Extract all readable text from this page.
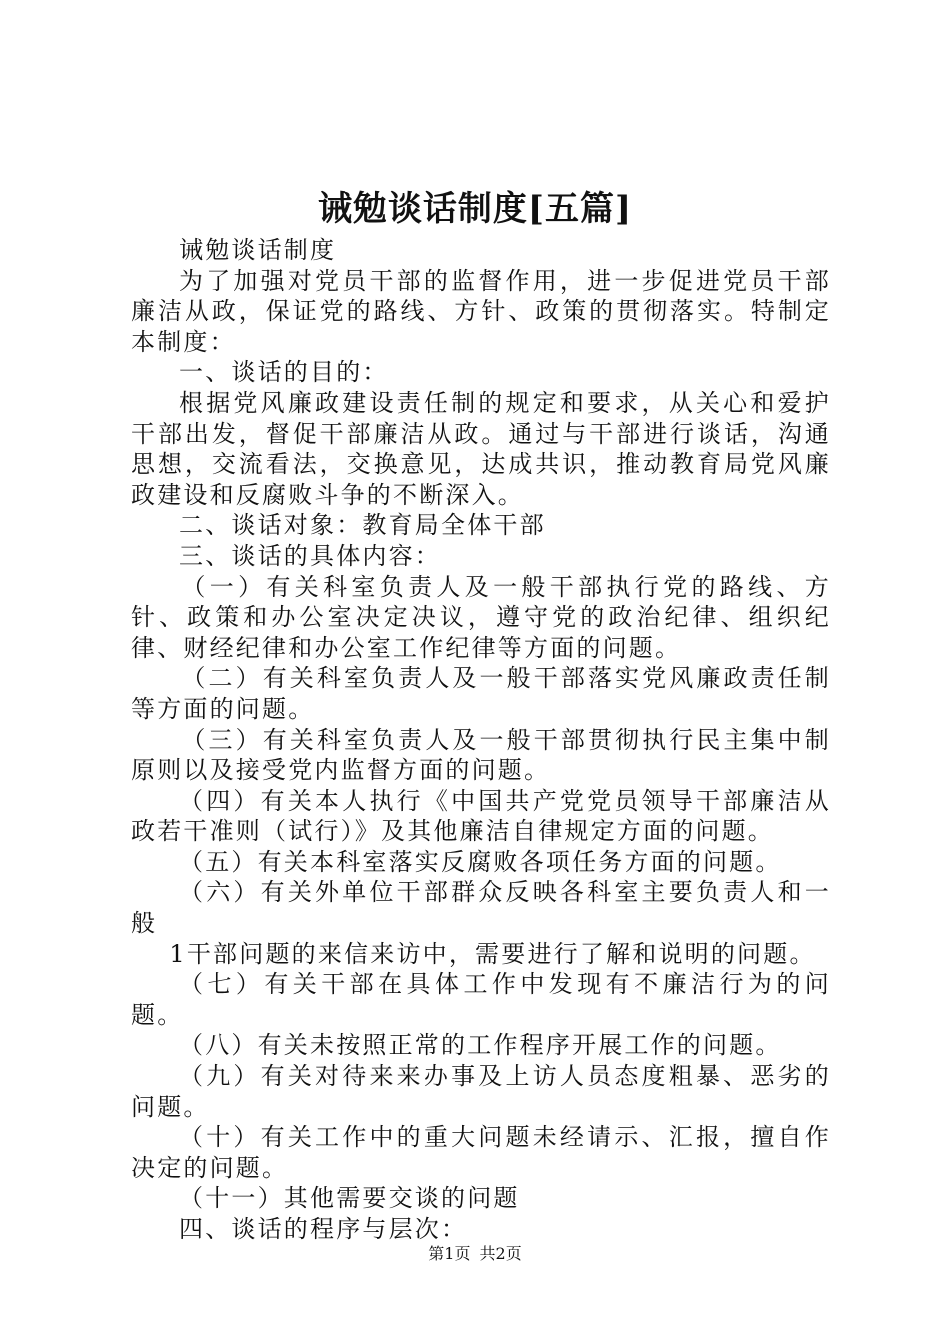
诫勉谈话制度[五篇]

诫勉谈话制度

为了加强对党员干部的监督作用，进一步促进党员干部廉洁从政，保证党的路线、方针、政策的贯彻落实。特制定本制度：

一、谈话的目的：

根据党风廉政建设责任制的规定和要求，从关心和爱护干部出发，督促干部廉洁从政。通过与干部进行谈话，沟通思想，交流看法，交换意见，达成共识，推动教育局党风廉政建设和反腐败斗争的不断深入。

二、谈话对象：教育局全体干部

三、谈话的具体内容：

（一）有关科室负责人及一般干部执行党的路线、方针、政策和办公室决定决议，遵守党的政治纪律、组织纪律、财经纪律和办公室工作纪律等方面的问题。

（二）有关科室负责人及一般干部落实党风廉政责任制等方面的问题。

（三）有关科室负责人及一般干部贯彻执行民主集中制原则以及接受党内监督方面的问题。

（四）有关本人执行《中国共产党党员领导干部廉洁从政若干准则（试行）》及其他廉洁自律规定方面的问题。

（五）有关本科室落实反腐败各项任务方面的问题。

（六）有关外单位干部群众反映各科室主要负责人和一般

1干部问题的来信来访中，需要进行了解和说明的问题。

（七）有关干部在具体工作中发现有不廉洁行为的问题。

（八）有关未按照正常的工作程序开展工作的问题。

（九）有关对待来来办事及上访人员态度粗暴、恶劣的问题。

（十）有关工作中的重大问题未经请示、汇报，擅自作决定的问题。

（十一）其他需要交谈的问题

四、谈话的程序与层次：

第1页 共2页
